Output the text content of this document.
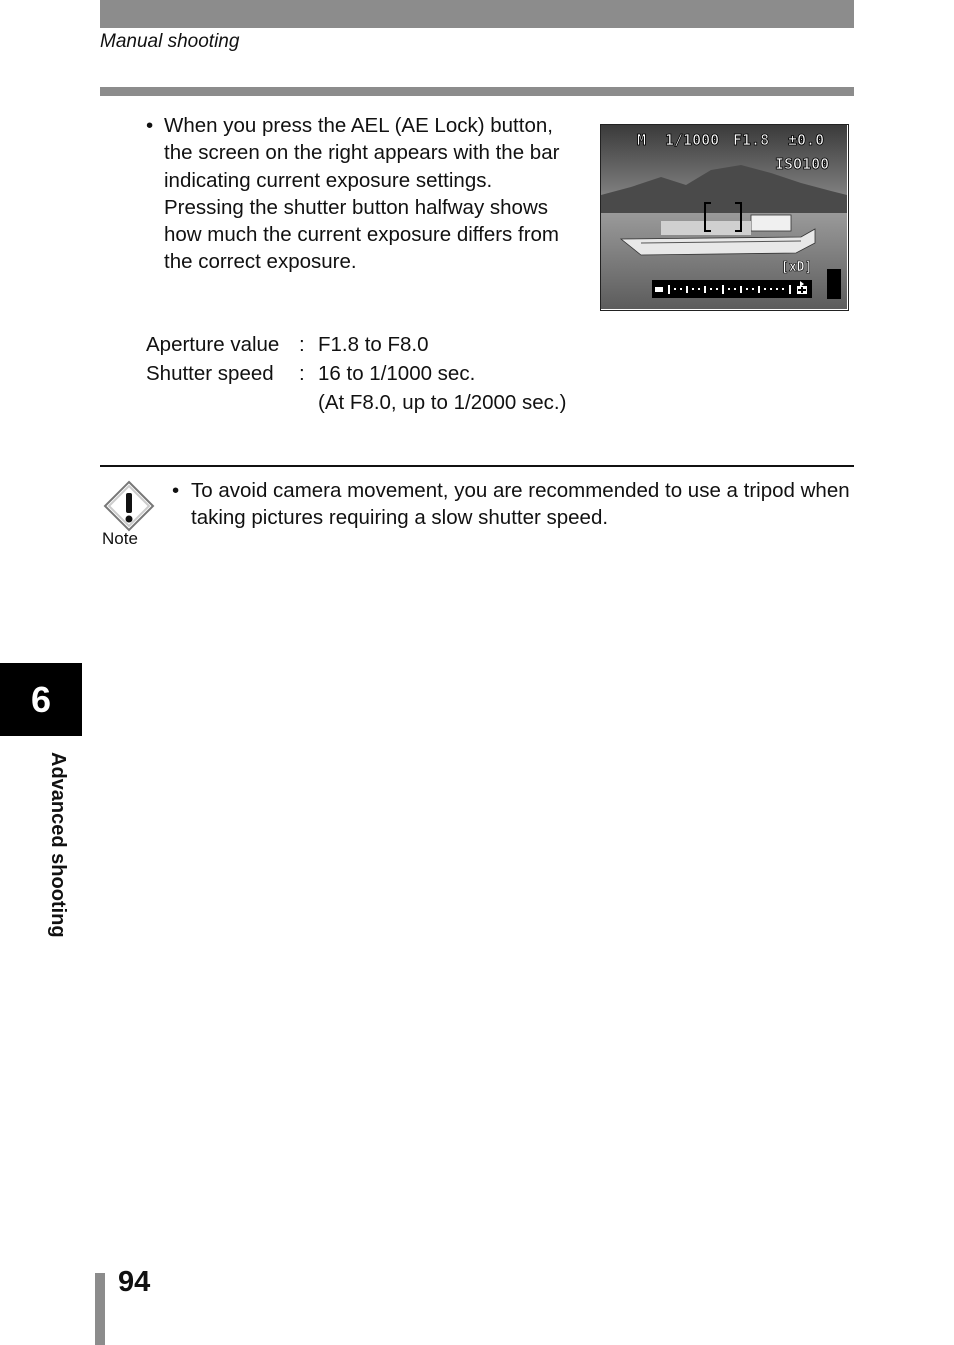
Manual shooting
• When you press the AEL (AE Lock) button, the screen on the right appears with the bar indicating current exposure settings. Pressing the shutter button halfway shows how much the current exposure differs from the correct exposure.
M 1/1000 F1.8 ±0.0
ISO100
[xD]
Aperture value : F1.8 to F8.0
Shutter speed : 16 to 1/1000 sec.
(At F8.0, up to 1/2000 sec.)
Note
• To avoid camera movement, you are recommended to use a tripod when taking pictures requiring a slow shutter speed.
6
Advanced shooting
94
